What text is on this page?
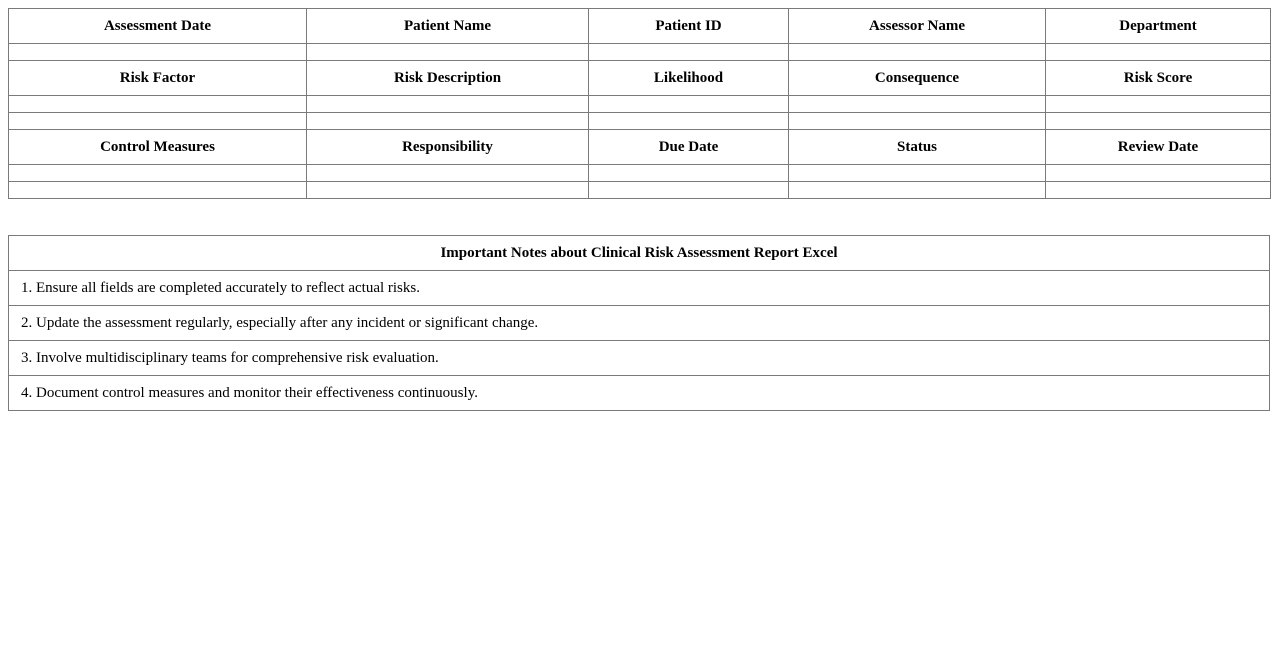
Assessment Date	Patient Name	Patient ID	Assessor Name	Department

Risk Factor	Risk Description	Likelihood	Consequence	Risk Score

Control Measures	Responsibility	Due Date	Status	Review Date

Important Notes about Clinical Risk Assessment Report Excel
1. Ensure all fields are completed accurately to reflect actual risks.
2. Update the assessment regularly, especially after any incident or significant change.
3. Involve multidisciplinary teams for comprehensive risk evaluation.
4. Document control measures and monitor their effectiveness continuously.
